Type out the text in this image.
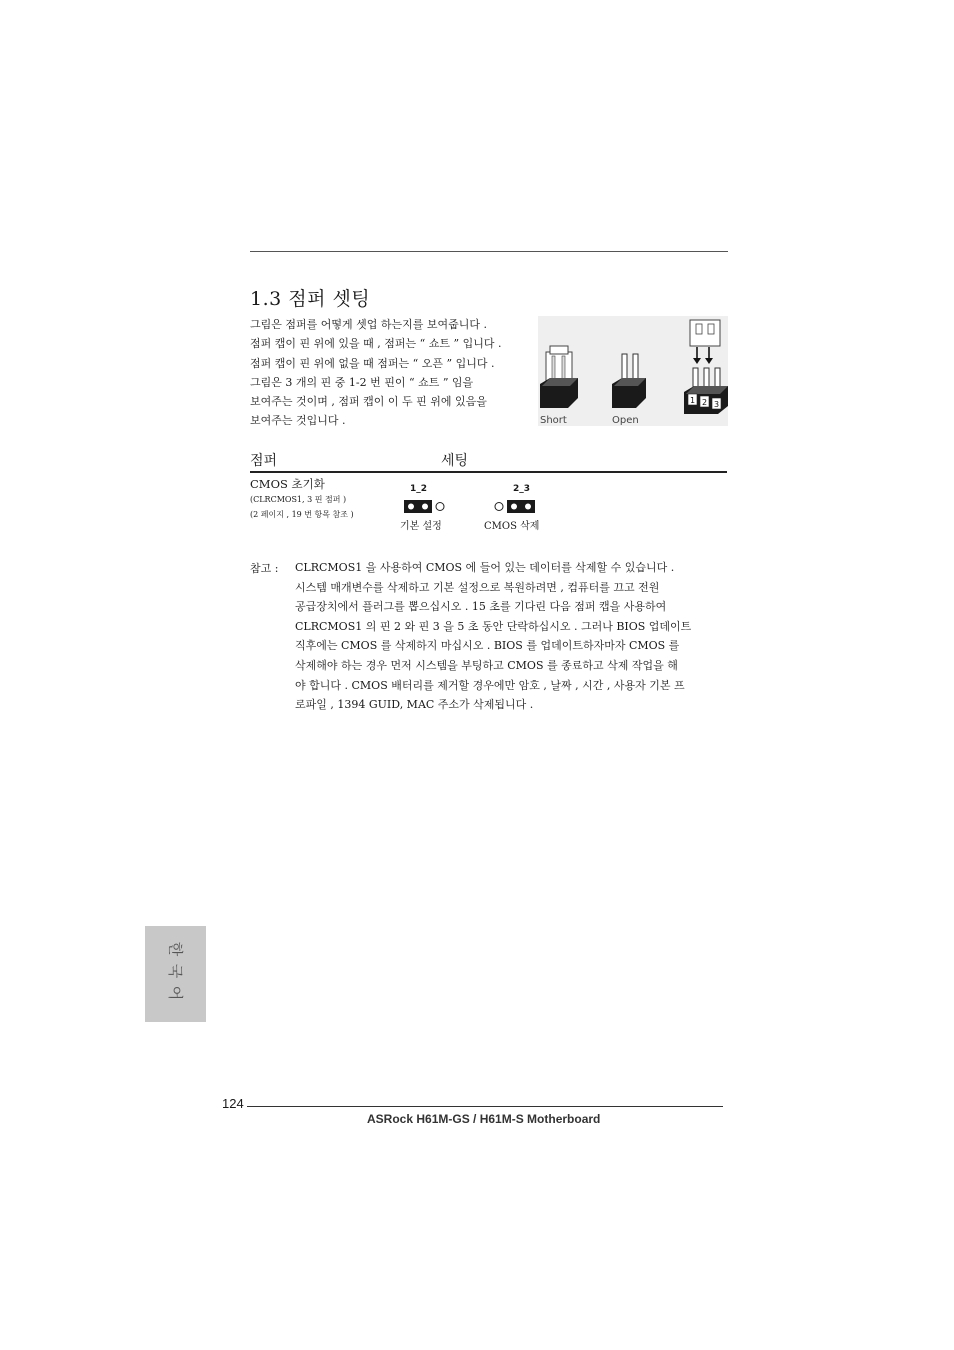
1.3 점퍼 셋팅
그림은 점퍼를 어떻게 셋업 하는지를 보여줍니다 .
점퍼 캡이 핀 위에 있을 때 , 점퍼는 “ 쇼트 ” 입니다 .
점퍼 캡이 핀 위에 없을 때 점퍼는 “ 오픈 ” 입니다 .
그림은 3 개의 핀 중 1-2 번 핀이 “ 쇼트 ” 임을
보여주는 것이며 , 점퍼 캡이 이 두 핀 위에 있음을
보여주는 것입니다 .
1 2 3
Short	Open
점퍼	세팅
CMOS 초기화
(CLRCMOS1, 3 핀 점퍼 )
(2 페이지 , 19 번 항목 참조 )
1_2
기본 설정
2_3
CMOS 삭제
참고 : CLRCMOS1 을 사용하여 CMOS 에 들어 있는 데이터를 삭제할 수 있습니다 .
시스템 매개변수를 삭제하고 기본 설정으로 복원하려면 , 컴퓨터를 끄고 전원
공급장치에서 플러그를 뽑으십시오 . 15 초를 기다린 다음 점퍼 캡을 사용하여
CLRCMOS1 의 핀 2 와 핀 3 을 5 초 동안 단락하십시오 . 그러나 BIOS 업데이트
직후에는 CMOS 를 삭제하지 마십시오 . BIOS 를 업데이트하자마자 CMOS 를
삭제해야 하는 경우 먼저 시스템을 부팅하고 CMOS 를 종료하고 삭제 작업을 해
야 합니다 . CMOS 배터리를 제거할 경우에만 암호 , 날짜 , 시간 , 사용자 기본 프
로파일 , 1394 GUID, MAC 주소가 삭제됩니다 .
한
국
어
124
ASRock H61M-GS / H61M-S Motherboard
